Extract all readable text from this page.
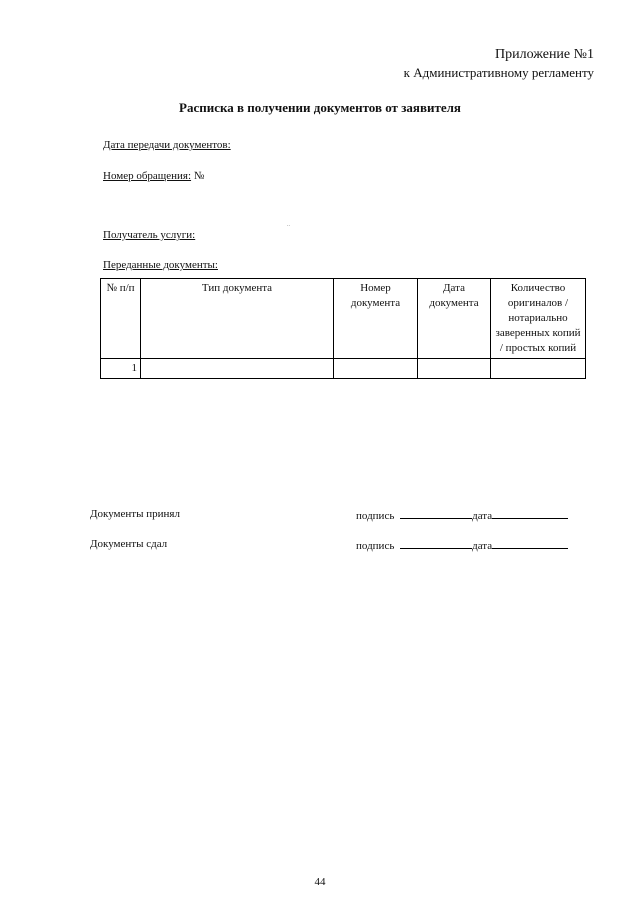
Приложение №1
к Административному регламенту
Расписка в получении документов от заявителя
Дата передачи документов:
Номер обращения: №
..
Получатель услуги:
Переданные документы:
№ п/п	Тип документа	Номер документа	Дата документа	Количество оригиналов / нотариально заверенных копий / простых копий
1				
Документы принял	подпись	дата
Документы сдал	подпись	дата
44
